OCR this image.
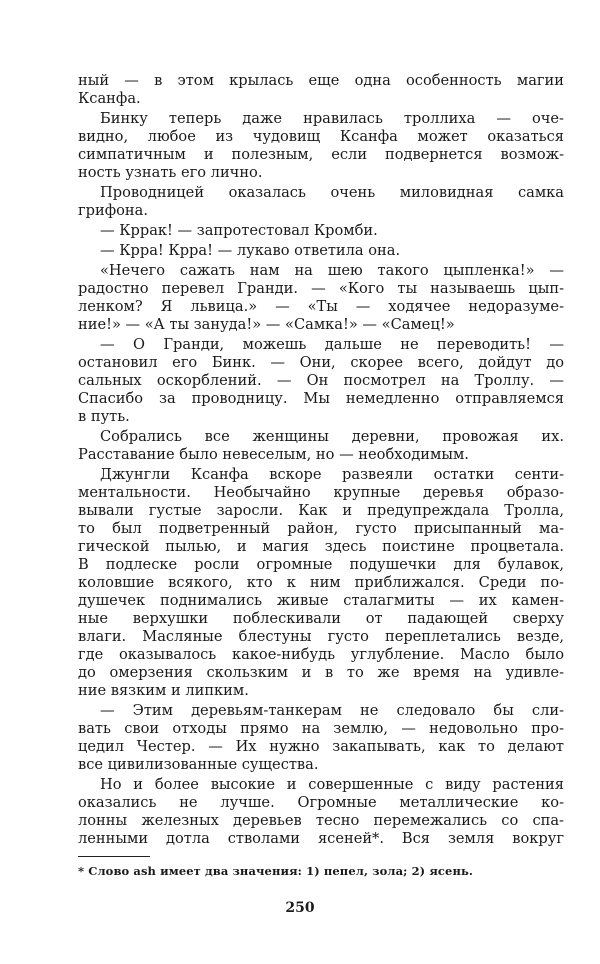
ный — в этом крылась еще одна особенность магии
Ксанфа.
Бинку теперь даже нравилась троллиха — оче-
видно, любое из чудовищ Ксанфа может оказаться
симпатичным и полезным, если подвернется возмож-
ность узнать его лично.
Проводницей оказалась очень миловидная самка
грифона.
— Кррак! — запротестовал Кромби.
— Крра! Крра! — лукаво ответила она.
«Нечего сажать нам на шею такого цыпленка!» —
радостно перевел Гранди. — «Кого ты называешь цып-
ленком? Я львица.» — «Ты — ходячее недоразуме-
ние!» — «А ты зануда!» — «Самка!» — «Самец!»
— О Гранди, можешь дальше не переводить! —
остановил его Бинк. — Они, скорее всего, дойдут до
сальных оскорблений. — Он посмотрел на Троллу. —
Спасибо за проводницу. Мы немедленно отправляемся
в путь.
Собрались все женщины деревни, провожая их.
Расставание было невеселым, но — необходимым.
Джунгли Ксанфа вскоре развеяли остатки сенти-
ментальности. Необычайно крупные деревья образо-
вывали густые заросли. Как и предупреждала Тролла,
то был подветренный район, густо присыпанный ма-
гической пылью, и магия здесь поистине процветала.
В подлеске росли огромные подушечки для булавок,
коловшие всякого, кто к ним приближался. Среди по-
душечек поднимались живые сталагмиты — их камен-
ные верхушки поблескивали от падающей сверху
влаги. Масляные блестуны густо переплетались везде,
где оказывалось какое-нибудь углубление. Масло было
до омерзения скользким и в то же время на удивле-
ние вязким и липким.
— Этим деревьям-танкерам не следовало бы сли-
вать свои отходы прямо на землю, — недовольно про-
цедил Честер. — Их нужно закапывать, как то делают
все цивилизованные существа.
Но и более высокие и совершенные с виду растения
оказались не лучше. Огромные металлические ко-
лонны железных деревьев тесно перемежались со спа-
ленными дотла стволами ясеней*. Вся земля вокруг
* Слово ash имеет два значения: 1) пепел, зола; 2) ясень.
250
